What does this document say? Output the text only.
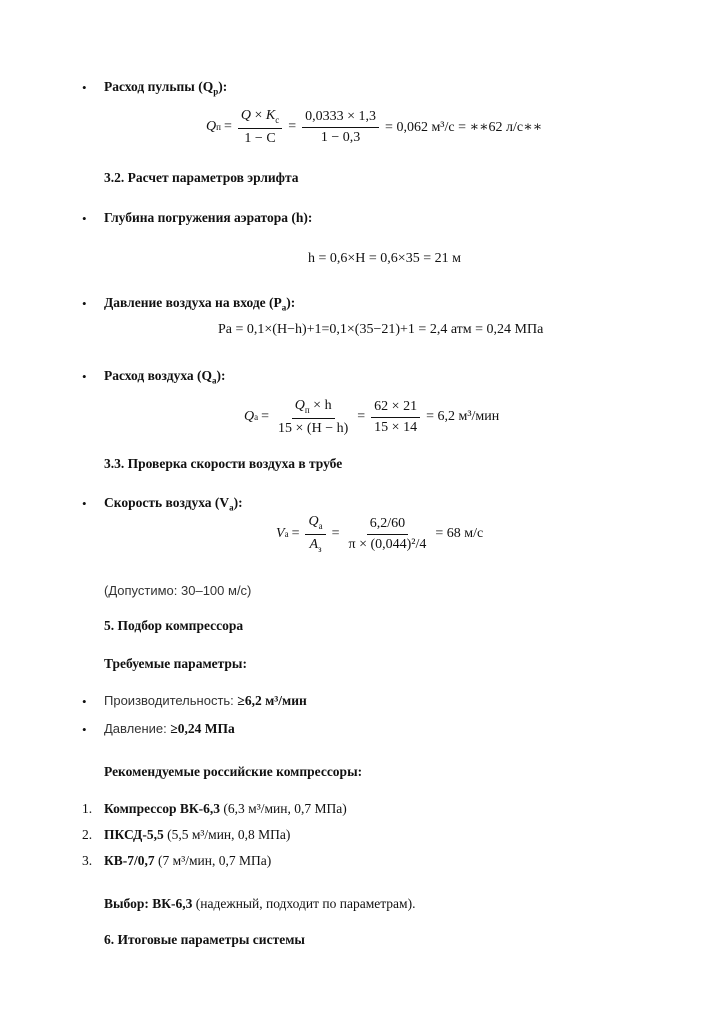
• Расход пульпы $(Q_р)$:
Q $п = \frac{Q \times K_с}{1 - C} = \frac{0,0333 \times 1,3}{1 - 0,3} = 0,062$ м³/с = ∗∗62 л/с∗∗
3.2. Расчет параметров эрлифта
• Глубина погружения аэратора (h):
h = 0,6×H = 0,6×35 = 21 м
• Давление воздуха на входе $(P_а)$:
Pa = 0,1×(H−h)+1=0,1×(35−21)+1 = 2,4 атм = 0,24 МПа
• Расход воздуха $(Q_а)$:
Q $а = \frac{Q_п \times h}{15 \times (H - h)} = \frac{62 \times 21}{15 \times 14} = 6,2$ м³/мин
3.3. Проверка скорости воздуха в трубе
• Скорость воздуха $(V_а)$:
V $а = \frac{Q_а}{A_з} = \frac{6,2/60}{\text{π × (0,044)²/4}} = 68$ м/с
(Допустимо: 30–100 м/с)
5. Подбор компрессора
Требуемые параметры:
• Производительность: ≥6,2 м³/мин
• Давление: ≥0,24 МПа
Рекомендуемые российские компрессоры:
1. Компрессор ВК-6,3 (6,3 м³/мин, 0,7 МПа)
2. ПКСД-5,5 (5,5 м³/мин, 0,8 МПа)
3. КВ-7/0,7 (7 м³/мин, 0,7 МПа)
Выбор: ВК-6,3 (надежный, подходит по параметрам).
6. Итоговые параметры системы
